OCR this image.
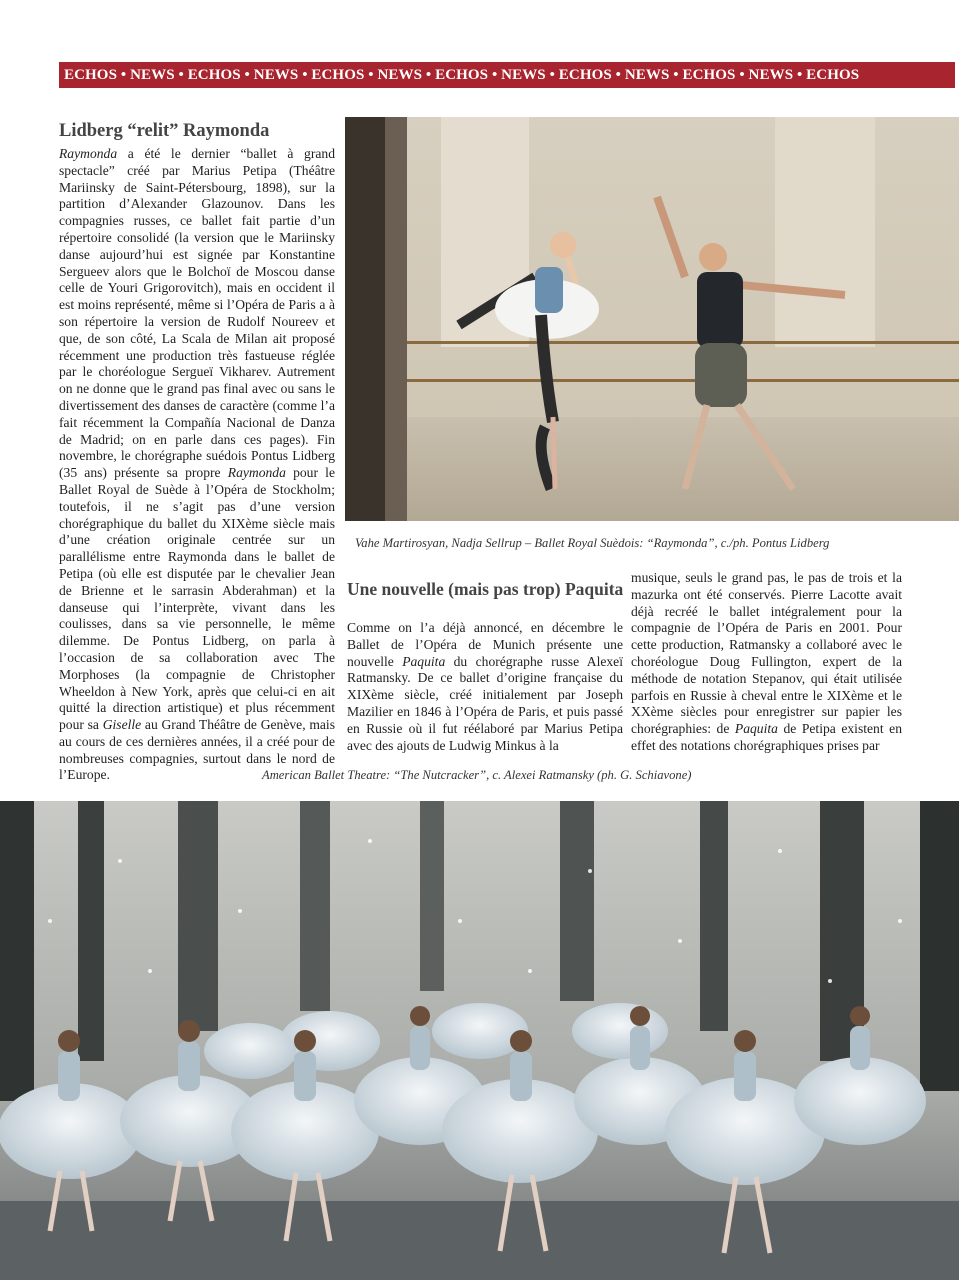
ECHOS • NEWS • ECHOS • NEWS • ECHOS • NEWS • ECHOS • NEWS • ECHOS • NEWS • ECHOS • NEWS • ECHOS
Lidberg “relit” Raymonda

Raymonda a été le dernier “ballet à grand spectacle” créé par Marius Petipa (Théâtre Mariinsky de Saint-Pétersbourg, 1898), sur la partition d’Alexander Glazounov. Dans les compagnies russes, ce ballet fait partie d’un répertoire consolidé (la version que le Mariinsky danse aujourd’hui est signée par Konstantine Sergueev alors que le Bolchoï de Moscou danse celle de Youri Grigorovitch), mais en occident il est moins représenté, même si l’Opéra de Paris a à son répertoire la version de Rudolf Noureev et que, de son côté, La Scala de Milan ait proposé récemment une production très fastueuse réglée par le choréologue Sergueï Vikharev. Autrement on ne donne que le grand pas final avec ou sans le divertissement des danses de caractère (comme l’a fait récemment la Compañía Nacional de Danza de Madrid; on en parle dans ces pages). Fin novembre, le chorégraphe suédois Pontus Lidberg (35 ans) présente sa propre Raymonda pour le Ballet Royal de Suède à l’Opéra de Stockholm; toutefois, il ne s’agit pas d’une version chorégraphique du ballet du XIXème siècle mais d’une création originale centrée sur un parallélisme entre Raymonda dans le ballet de Petipa (où elle est disputée par le chevalier Jean de Brienne et le sarrasin Abderahman) et la danseuse qui l’interprète, vivant dans les coulisses, dans sa vie personnelle, le même dilemme. De Pontus Lidberg, on parla à l’occasion de sa collaboration avec The Morphoses (la compagnie de Christopher Wheeldon à New York, après que celui-ci en ait quitté la direction artistique) et plus récemment pour sa Giselle au Grand Théâtre de Genève, mais au cours de ces dernières années, il a créé pour de nombreuses compagnies, surtout dans le nord de l’Europe.

Vahe Martirosyan, Nadja Sellrup – Ballet Royal Suèdois: “Raymonda”, c./ph. Pontus Lidberg

Une nouvelle (mais pas trop) Paquita

Comme on l’a déjà annoncé, en décembre le Ballet de l’Opéra de Munich présente une nouvelle Paquita du chorégraphe russe Alexeï Ratmansky. De ce ballet d’origine française du XIXème siècle, créé initialement par Joseph Mazilier en 1846 à l’Opéra de Paris, et puis passé en Russie où il fut réélaboré par Marius Petipa avec des ajouts de Ludwig Minkus à la

musique, seuls le grand pas, le pas de trois et la mazurka ont été conservés. Pierre Lacotte avait déjà recréé le ballet intégralement pour la compagnie de l’Opéra de Paris en 2001. Pour cette production, Ratmansky a collaboré avec le choréologue Doug Fullington, expert de la méthode de notation Stepanov, qui était utilisée parfois en Russie à cheval entre le XIXème et le XXème siècles pour enregistrer sur papier les chorégraphies: de Paquita de Petipa existent en effet des notations chorégraphiques prises par

American Ballet Theatre: “The Nutcracker”, c. Alexei Ratmansky (ph. G. Schiavone)
